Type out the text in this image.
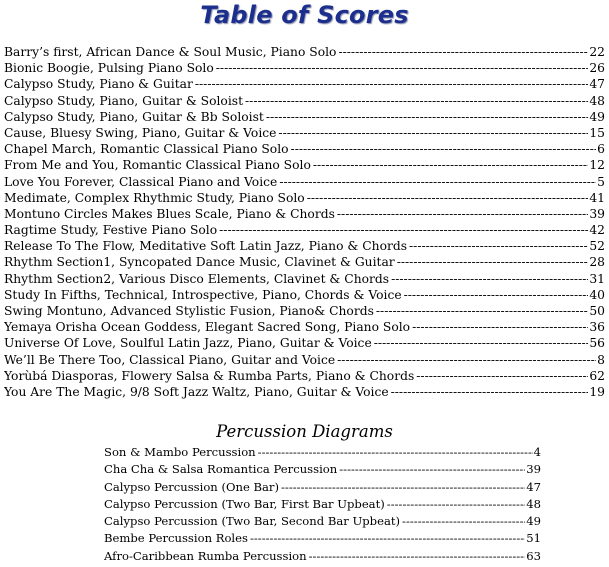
Table of Scores
Barry’s first, African Dance & Soul Music, Piano Solo -----	22
Bionic Boogie, Pulsing Piano Solo -----	26
Calypso Study, Piano & Guitar -----	47
Calypso Study, Piano, Guitar & Soloist -----	48
Calypso Study, Piano, Guitar & Bb Soloist -----	49
Cause, Bluesy Swing, Piano, Guitar & Voice -----	15
Chapel March, Romantic Classical Piano Solo -----	6
From Me and You, Romantic Classical Piano Solo -----	12
Love You Forever, Classical Piano and Voice -----	5
Medimate, Complex Rhythmic Study, Piano Solo -----	41
Montuno Circles Makes Blues Scale, Piano & Chords -----	39
Ragtime Study, Festive Piano Solo -----	42
Release To The Flow, Meditative Soft Latin Jazz, Piano & Chords -----	52
Rhythm Section1, Syncopated Dance Music, Clavinet & Guitar -----	28
Rhythm Section2, Various Disco Elements, Clavinet & Chords -----	31
Study In Fifths, Technical, Introspective, Piano, Chords & Voice -----	40
Swing Montuno, Advanced Stylistic Fusion, Piano& Chords -----	50
Yemaya Orisha Ocean Goddess, Elegant Sacred Song, Piano Solo -----	36
Universe Of Love, Soulful Latin Jazz, Piano, Guitar & Voice -----	56
We’ll Be There Too, Classical Piano, Guitar and Voice -----	8
Yorùbá Diasporas, Flowery Salsa & Rumba Parts, Piano & Chords -----	62
You Are The Magic, 9/8 Soft Jazz Waltz, Piano, Guitar & Voice -----	19
Percussion Diagrams
Son & Mambo Percussion -----	4
Cha Cha & Salsa Romantica Percussion -----	39
Calypso Percussion (One Bar) -----	47
Calypso Percussion (Two Bar, First Bar Upbeat) -----	48
Calypso Percussion (Two Bar, Second Bar Upbeat) -----	49
Bembe Percussion Roles -----	51
Afro-Caribbean Rumba Percussion -----	63
